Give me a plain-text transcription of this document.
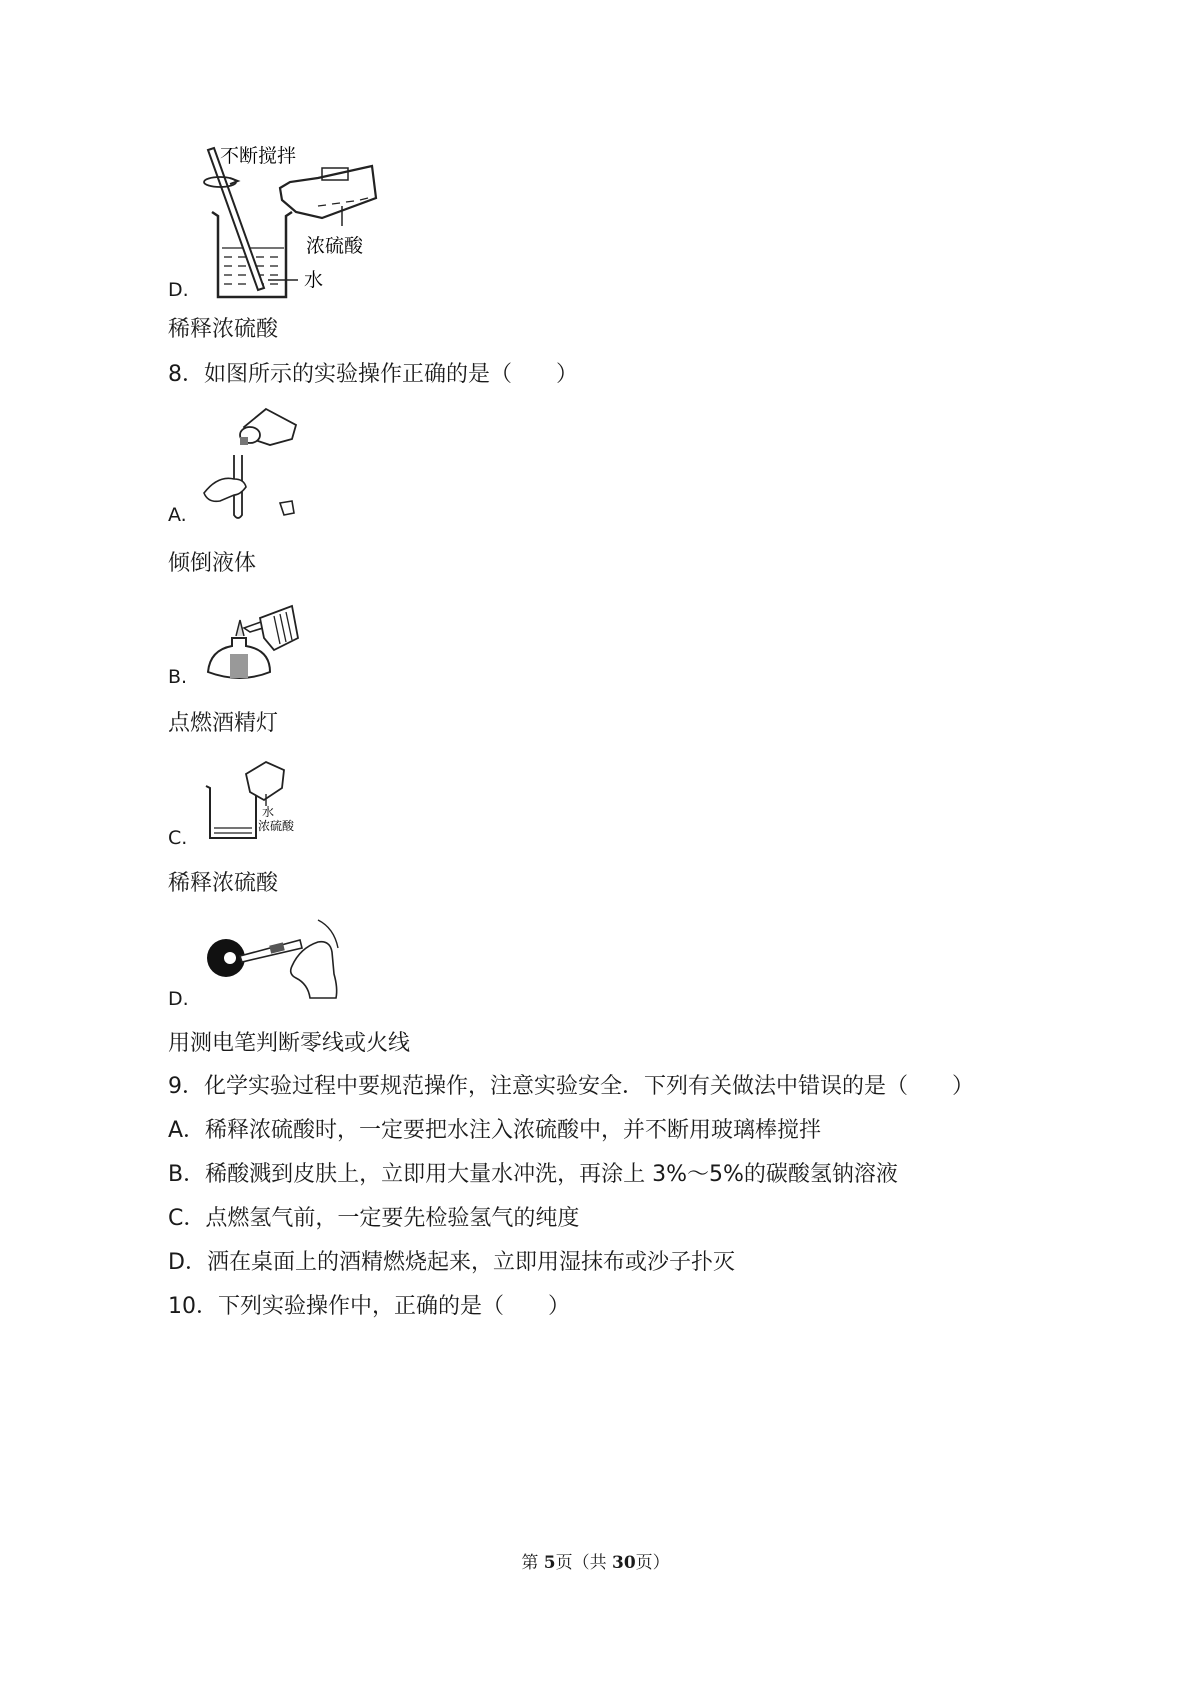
不断搅拌
浓硫酸
水
D.
稀释浓硫酸
8．如图所示的实验操作正确的是（　　）
A.
倾倒液体
B.
点燃酒精灯
水
浓硫酸
C.
稀释浓硫酸
D.
用测电笔判断零线或火线
9．化学实验过程中要规范操作，注意实验安全．下列有关做法中错误的是（　　）
A．稀释浓硫酸时，一定要把水注入浓硫酸中，并不断用玻璃棒搅拌
B．稀酸溅到皮肤上，立即用大量水冲洗，再涂上 3%～5%的碳酸氢钠溶液
C．点燃氢气前，一定要先检验氢气的纯度
D．洒在桌面上的酒精燃烧起来，立即用湿抹布或沙子扑灭
10．下列实验操作中，正确的是（　　）
第 5页（共 30页）
